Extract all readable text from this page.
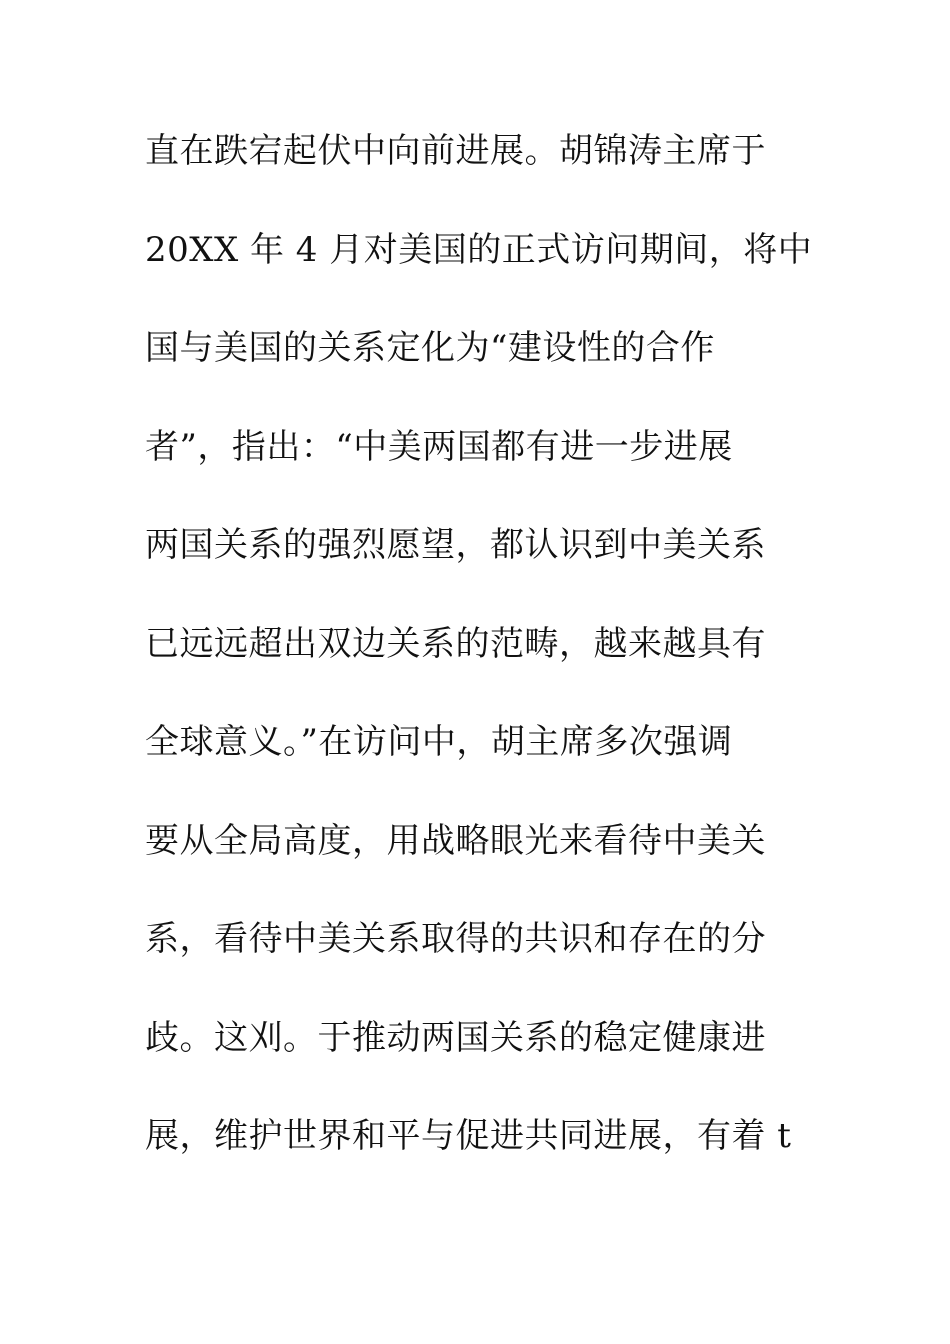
直在跌宕起伏中向前进展。胡锦涛主席于
20XX 年 4 月对美国的正式访问期间，将中
国与美国的关系定化为“建设性的合作
者”，指出：“中美两国都有进一步进展
两国关系的强烈愿望，都认识到中美关系
已远远超出双边关系的范畴，越来越具有
全球意义。”在访问中，胡主席多次强调
要从全局高度，用战略眼光来看待中美关
系，看待中美关系取得的共识和存在的分
歧。这刈。于推动两国关系的稳定健康进
展，维护世界和平与促进共同进展，有着 t
